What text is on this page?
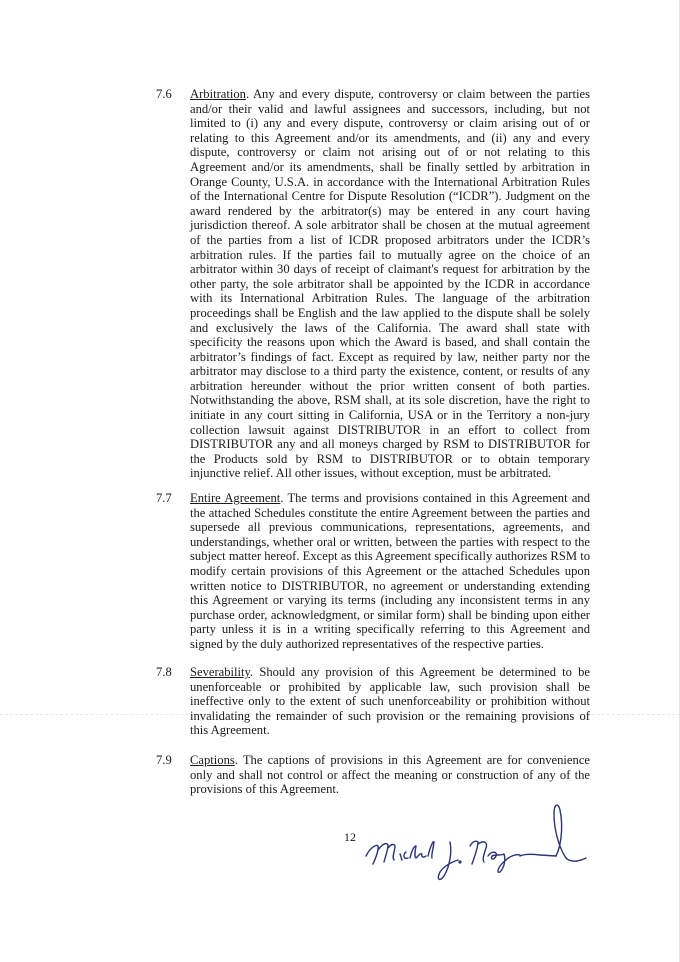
7.6	Arbitration. Any and every dispute, controversy or claim between the parties and/or their valid and lawful assignees and successors, including, but not limited to (i) any and every dispute, controversy or claim arising out of or relating to this Agreement and/or its amendments, and (ii) any and every dispute, controversy or claim not arising out of or not relating to this Agreement and/or its amendments, shall be finally settled by arbitration in Orange County, U.S.A. in accordance with the International Arbitration Rules of the International Centre for Dispute Resolution (“ICDR”). Judgment on the award rendered by the arbitrator(s) may be entered in any court having jurisdiction thereof. A sole arbitrator shall be chosen at the mutual agreement of the parties from a list of ICDR proposed arbitrators under the ICDR’s arbitration rules. If the parties fail to mutually agree on the choice of an arbitrator within 30 days of receipt of claimant's request for arbitration by the other party, the sole arbitrator shall be appointed by the ICDR in accordance with its International Arbitration Rules. The language of the arbitration proceedings shall be English and the law applied to the dispute shall be solely and exclusively the laws of the California. The award shall state with specificity the reasons upon which the Award is based, and shall contain the arbitrator’s findings of fact. Except as required by law, neither party nor the arbitrator may disclose to a third party the existence, content, or results of any arbitration hereunder without the prior written consent of both parties. Notwithstanding the above, RSM shall, at its sole discretion, have the right to initiate in any court sitting in California, USA or in the Territory a non-jury collection lawsuit against DISTRIBUTOR in an effort to collect from DISTRIBUTOR any and all moneys charged by RSM to DISTRIBUTOR for the Products sold by RSM to DISTRIBUTOR or to obtain temporary injunctive relief. All other issues, without exception, must be arbitrated.
7.7	Entire Agreement. The terms and provisions contained in this Agreement and the attached Schedules constitute the entire Agreement between the parties and supersede all previous communications, representations, agreements, and understandings, whether oral or written, between the parties with respect to the subject matter hereof. Except as this Agreement specifically authorizes RSM to modify certain provisions of this Agreement or the attached Schedules upon written notice to DISTRIBUTOR, no agreement or understanding extending this Agreement or varying its terms (including any inconsistent terms in any purchase order, acknowledgment, or similar form) shall be binding upon either party unless it is in a writing specifically referring to this Agreement and signed by the duly authorized representatives of the respective parties.
7.8	Severability. Should any provision of this Agreement be determined to be unenforceable or prohibited by applicable law, such provision shall be ineffective only to the extent of such unenforceability or prohibition without invalidating the remainder of such provision or the remaining provisions of this Agreement.
7.9	Captions. The captions of provisions in this Agreement are for convenience only and shall not control or affect the meaning or construction of any of the provisions of this Agreement.
12
